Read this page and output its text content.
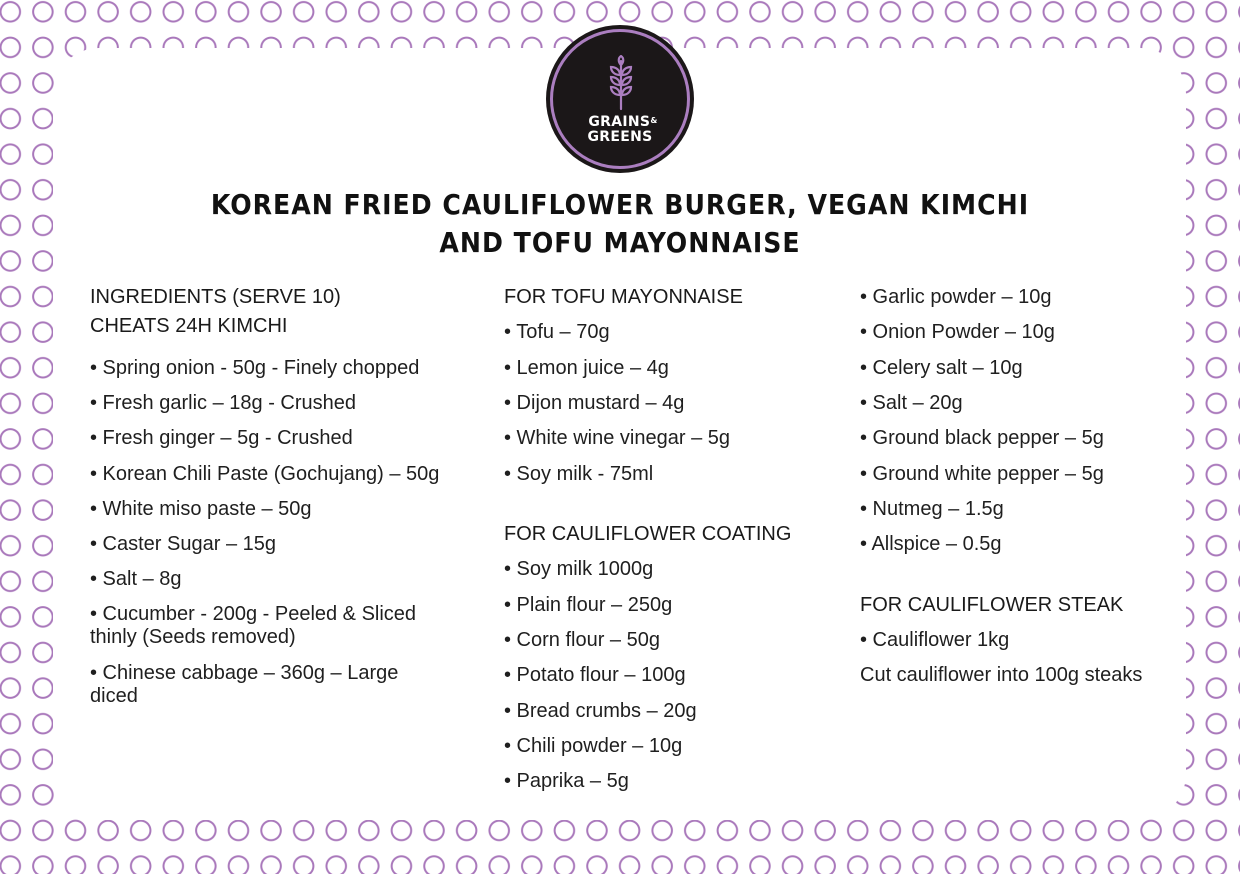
GRAINS&
GREENS
KOREAN FRIED CAULIFLOWER BURGER, VEGAN KIMCHI
AND TOFU MAYONNAISE

INGREDIENTS (SERVE 10)

CHEATS 24H KIMCHI

• Spring onion - 50g - Finely chopped

• Fresh garlic – 18g - Crushed

• Fresh ginger – 5g - Crushed

• Korean Chili Paste (Gochujang) – 50g

• White miso paste – 50g

• Caster Sugar – 15g

• Salt – 8g

• Cucumber - 200g - Peeled & Sliced thinly (Seeds removed)

• Chinese cabbage – 360g – Large diced

FOR TOFU MAYONNAISE

• Tofu – 70g

• Lemon juice – 4g

• Dijon mustard – 4g

• White wine vinegar – 5g

• Soy milk - 75ml

FOR CAULIFLOWER COATING

• Soy milk 1000g

• Plain flour – 250g

• Corn flour – 50g

• Potato flour – 100g

• Bread crumbs – 20g

• Chili powder – 10g

• Paprika – 5g

• Garlic powder – 10g

• Onion Powder – 10g

• Celery salt – 10g

• Salt – 20g

• Ground black pepper – 5g

• Ground white pepper – 5g

• Nutmeg – 1.5g

• Allspice – 0.5g

FOR CAULIFLOWER STEAK

• Cauliflower 1kg

Cut cauliflower into 100g steaks
